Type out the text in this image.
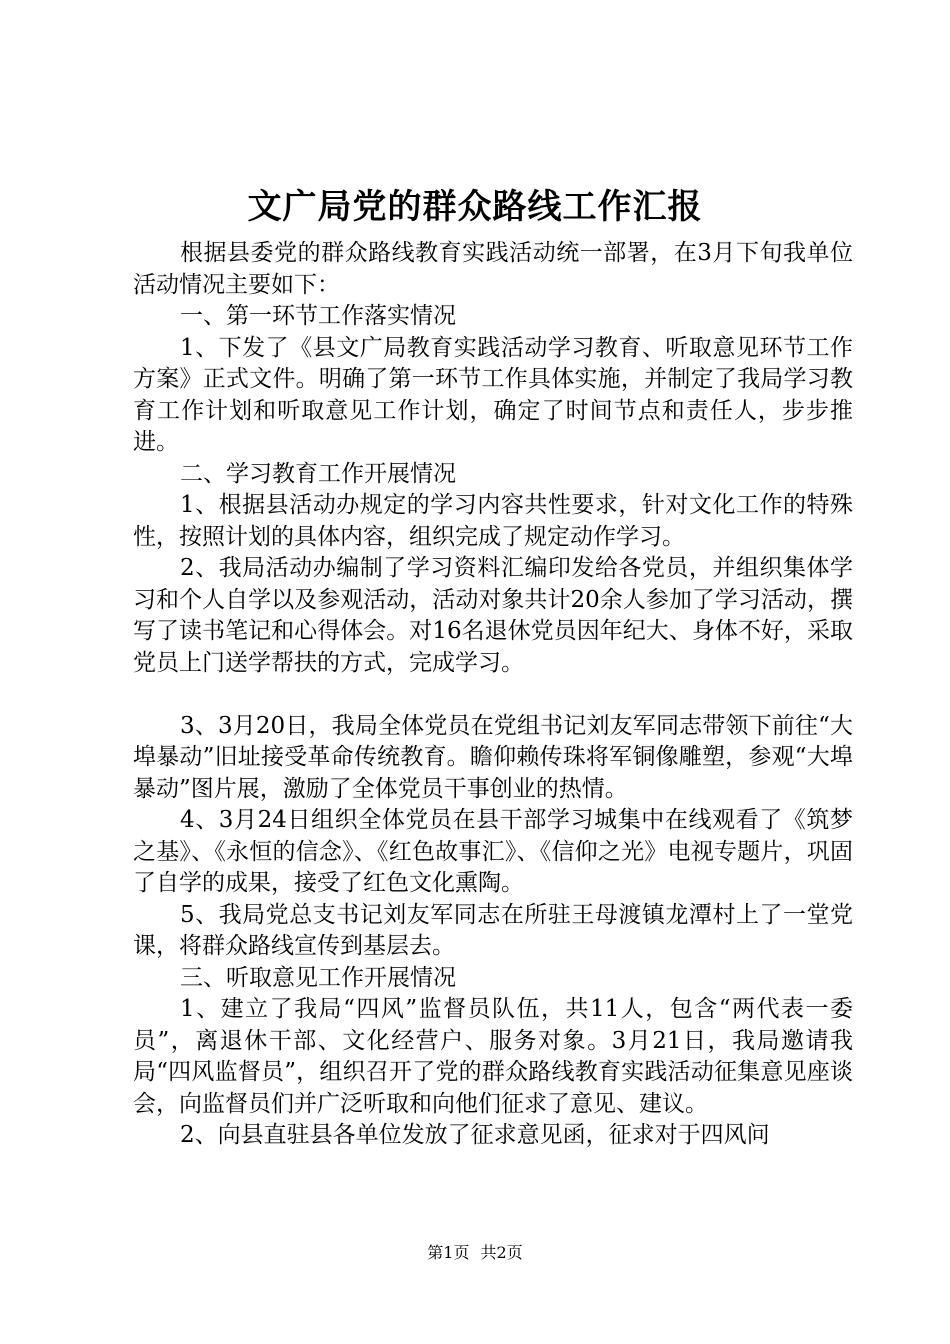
文广局党的群众路线工作汇报

根据县委党的群众路线教育实践活动统一部署，在3月下旬我单位活动情况主要如下：

一、第一环节工作落实情况

1、下发了《县文广局教育实践活动学习教育、听取意见环节工作方案》正式文件。明确了第一环节工作具体实施，并制定了我局学习教育工作计划和听取意见工作计划，确定了时间节点和责任人，步步推进。

二、学习教育工作开展情况

1、根据县活动办规定的学习内容共性要求，针对文化工作的特殊性，按照计划的具体内容，组织完成了规定动作学习。

2、我局活动办编制了学习资料汇编印发给各党员，并组织集体学习和个人自学以及参观活动，活动对象共计20余人参加了学习活动，撰写了读书笔记和心得体会。对16名退休党员因年纪大、身体不好，采取党员上门送学帮扶的方式，完成学习。

3、3月20日，我局全体党员在党组书记刘友军同志带领下前往“大埠暴动”旧址接受革命传统教育。瞻仰赖传珠将军铜像雕塑，参观“大埠暴动”图片展，激励了全体党员干事创业的热情。

4、3月24日组织全体党员在县干部学习城集中在线观看了《筑梦之基》、《永恒的信念》、《红色故事汇》、《信仰之光》电视专题片，巩固了自学的成果，接受了红色文化熏陶。

5、我局党总支书记刘友军同志在所驻王母渡镇龙潭村上了一堂党课，将群众路线宣传到基层去。

三、听取意见工作开展情况

1、建立了我局“四风”监督员队伍，共11人，包含“两代表一委员”，离退休干部、文化经营户、服务对象。3月21日，我局邀请我局“四风监督员”，组织召开了党的群众路线教育实践活动征集意见座谈会，向监督员们并广泛听取和向他们征求了意见、建议。

2、向县直驻县各单位发放了征求意见函，征求对于四风问

第1页 共2页
